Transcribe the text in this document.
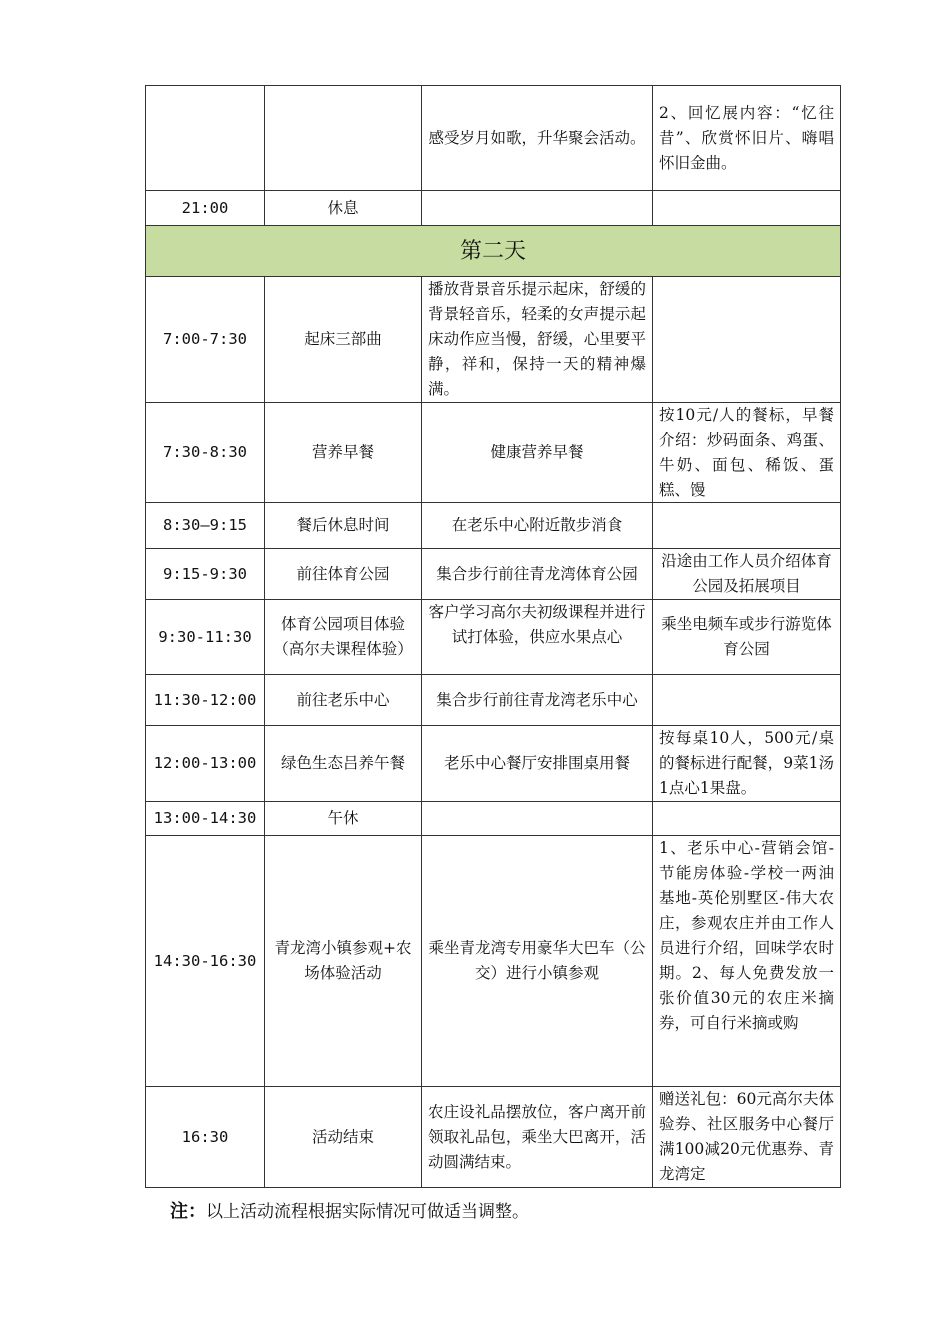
		感受岁月如歌，升华聚会活动。	2、回忆展内容：“忆往昔”、欣赏怀旧片、嗨唱怀旧金曲。
21:00	休息		
第二天			
7:00-7:30	起床三部曲	播放背景音乐提示起床，舒缓的背景轻音乐，轻柔的女声提示起床动作应当慢，舒缓，心里要平静，祥和，保持一天的精神爆满。	
7:30-8:30	营养早餐	健康营养早餐	按10元/人的餐标，早餐介绍：炒码面条、鸡蛋、牛奶、面包、稀饭、蛋糕、馒

8:30—9:15	餐后休息时间	在老乐中心附近散步消食	
9:15-9:30	前往体育公园	集合步行前往青龙湾体育公园	沿途由工作人员介绍体育公园及拓展项目
9:30-11:30	体育公园项目体验（高尔夫课程体验）	客户学习高尔夫初级课程并进行试打体验，供应水果点心	乘坐电频车或步行游览体育公园
11:30-12:00	前往老乐中心	集合步行前往青龙湾老乐中心	
12:00-13:00	绿色生态吕养午餐	老乐中心餐厅安排围桌用餐	按每桌10人，500元/桌的餐标进行配餐，9菜1汤1点心1果盘。
13:00-14:30	午休		
14:30-16:30	青龙湾小镇参观+农场体验活动	乘坐青龙湾专用豪华大巴车（公交）进行小镇参观	1、老乐中心-营销会馆-节能房体验-学校一两油基地-英伦别墅区-伟大农庄，参观农庄并由工作人员进行介绍，回味学农时期。2、每人免费发放一张价值30元的农庄米摘券，可自行米摘或购

16:30	活动结束	农庄设礼品摆放位，客户离开前领取礼品包，乘坐大巴离开，活动圆满结束。	赠送礼包：60元高尔夫体验券、社区服务中心餐厅满100减20元优惠券、青龙湾定
注：以上活动流程根据实际情况可做适当调整。
